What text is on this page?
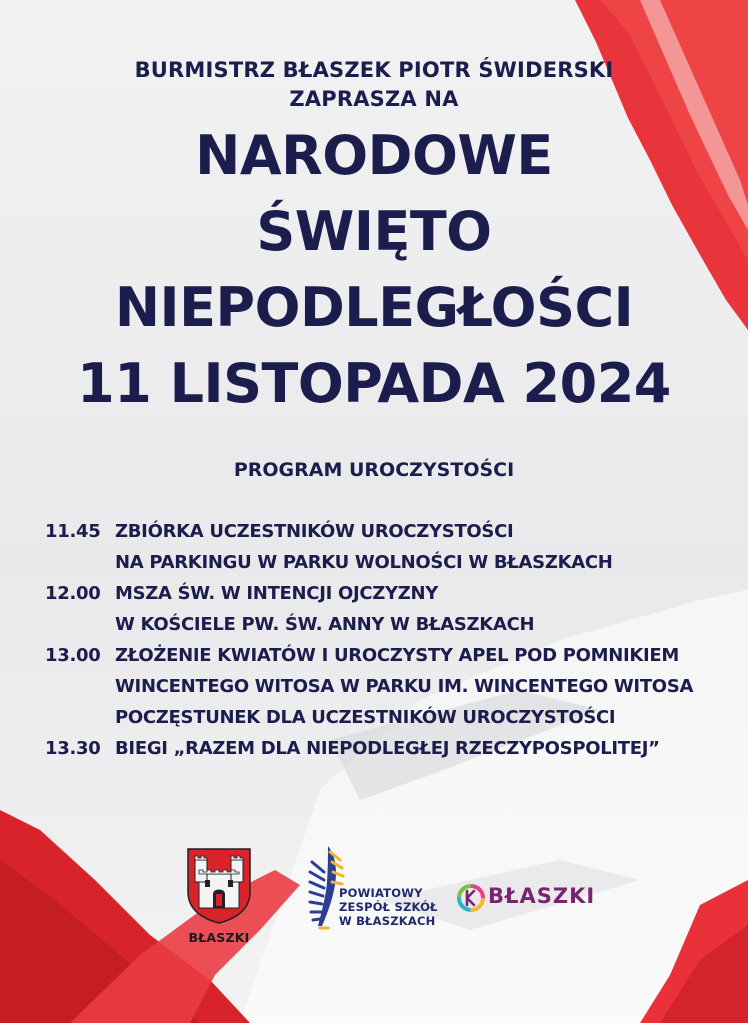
BURMISTRZ BŁASZEK PIOTR ŚWIDERSKI
ZAPRASZA NA
NARODOWE
ŚWIĘTO
NIEPODLEGŁOŚCI
11 LISTOPADA 2024
PROGRAM UROCZYSTOŚCI
11.45 ZBIÓRKA UCZESTNIKÓW UROCZYSTOŚCI
NA PARKINGU W PARKU WOLNOŚCI W BŁASZKACH
12.00 MSZA ŚW. W INTENCJI OJCZYZNY
W KOŚCIELE PW. ŚW. ANNY W BŁASZKACH
13.00 ZŁOŻENIE KWIATÓW I UROCZYSTY APEL POD POMNIKIEM
WINCENTEGO WITOSA W PARKU IM. WINCENTEGO WITOSA
POCZĘSTUNEK DLA UCZESTNIKÓW UROCZYSTOŚCI
13.30 BIEGI „RAZEM DLA NIEPODLEGŁEJ RZECZYPOSPOLITEJ”
BŁASZKI
POWIATOWY
ZESPÓŁ SZKÓŁ
W BŁASZKACH
BŁASZKI
